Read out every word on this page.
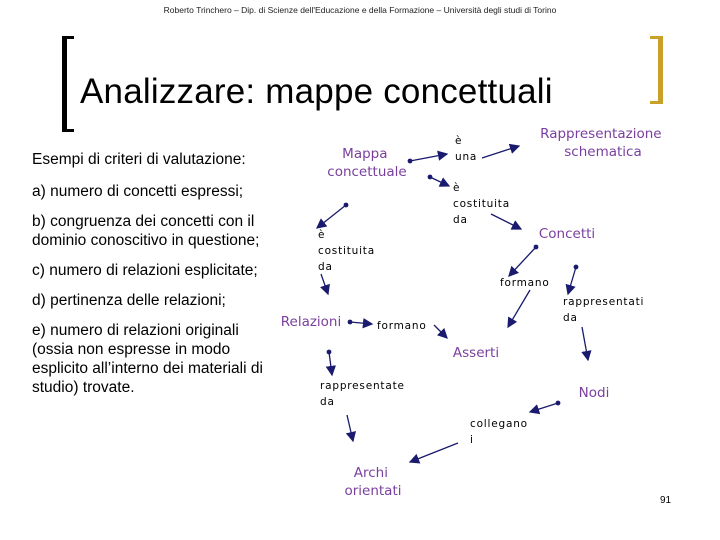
Roberto Trinchero – Dip. di Scienze dell'Educazione e della Formazione – Università degli studi di Torino
Analizzare: mappe concettuali

Esempi di criteri di valutazione:

a) numero di concetti espressi;

b) congruenza dei concetti con il dominio conoscitivo in questione;

c) numero di relazioni esplicitate;

d) pertinenza delle relazioni;

e) numero di relazioni originali (ossia non espresse in modo esplicito all’interno dei materiali di studio) trovate.

Mappa concettuale
Rappresentazione schematica
Concetti
Relazioni
Asserti
Nodi
Archi orientati
è una
è costituita da
è costituita da
formano
formano
rappresentati da
rappresentate da
collegano i
91
